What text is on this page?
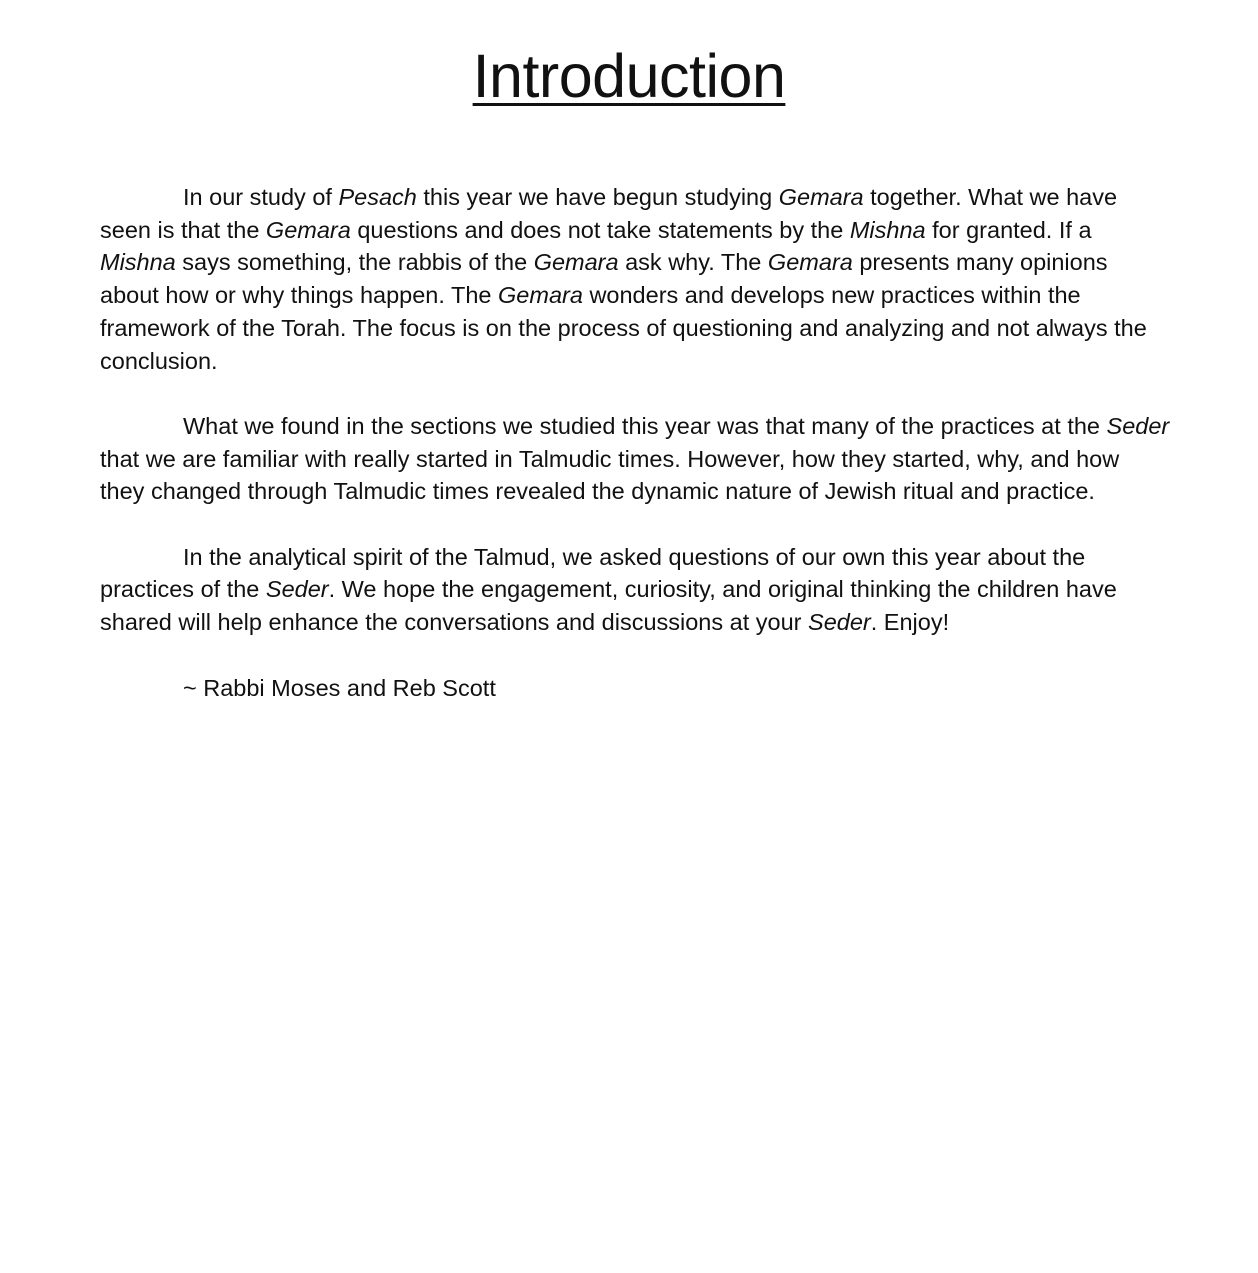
Introduction

In our study of Pesach this year we have begun studying Gemara together. What we have seen is that the Gemara questions and does not take statements by the Mishna for granted. If a Mishna says something, the rabbis of the Gemara ask why. The Gemara presents many opinions about how or why things happen. The Gemara wonders and develops new practices within the framework of the Torah. The focus is on the process of questioning and analyzing and not always the conclusion.

What we found in the sections we studied this year was that many of the practices at the Seder that we are familiar with really started in Talmudic times. However, how they started, why, and how they changed through Talmudic times revealed the dynamic nature of Jewish ritual and practice.

In the analytical spirit of the Talmud, we asked questions of our own this year about the practices of the Seder. We hope the engagement, curiosity, and original thinking the children have shared will help enhance the conversations and discussions at your Seder. Enjoy!

~ Rabbi Moses and Reb Scott
